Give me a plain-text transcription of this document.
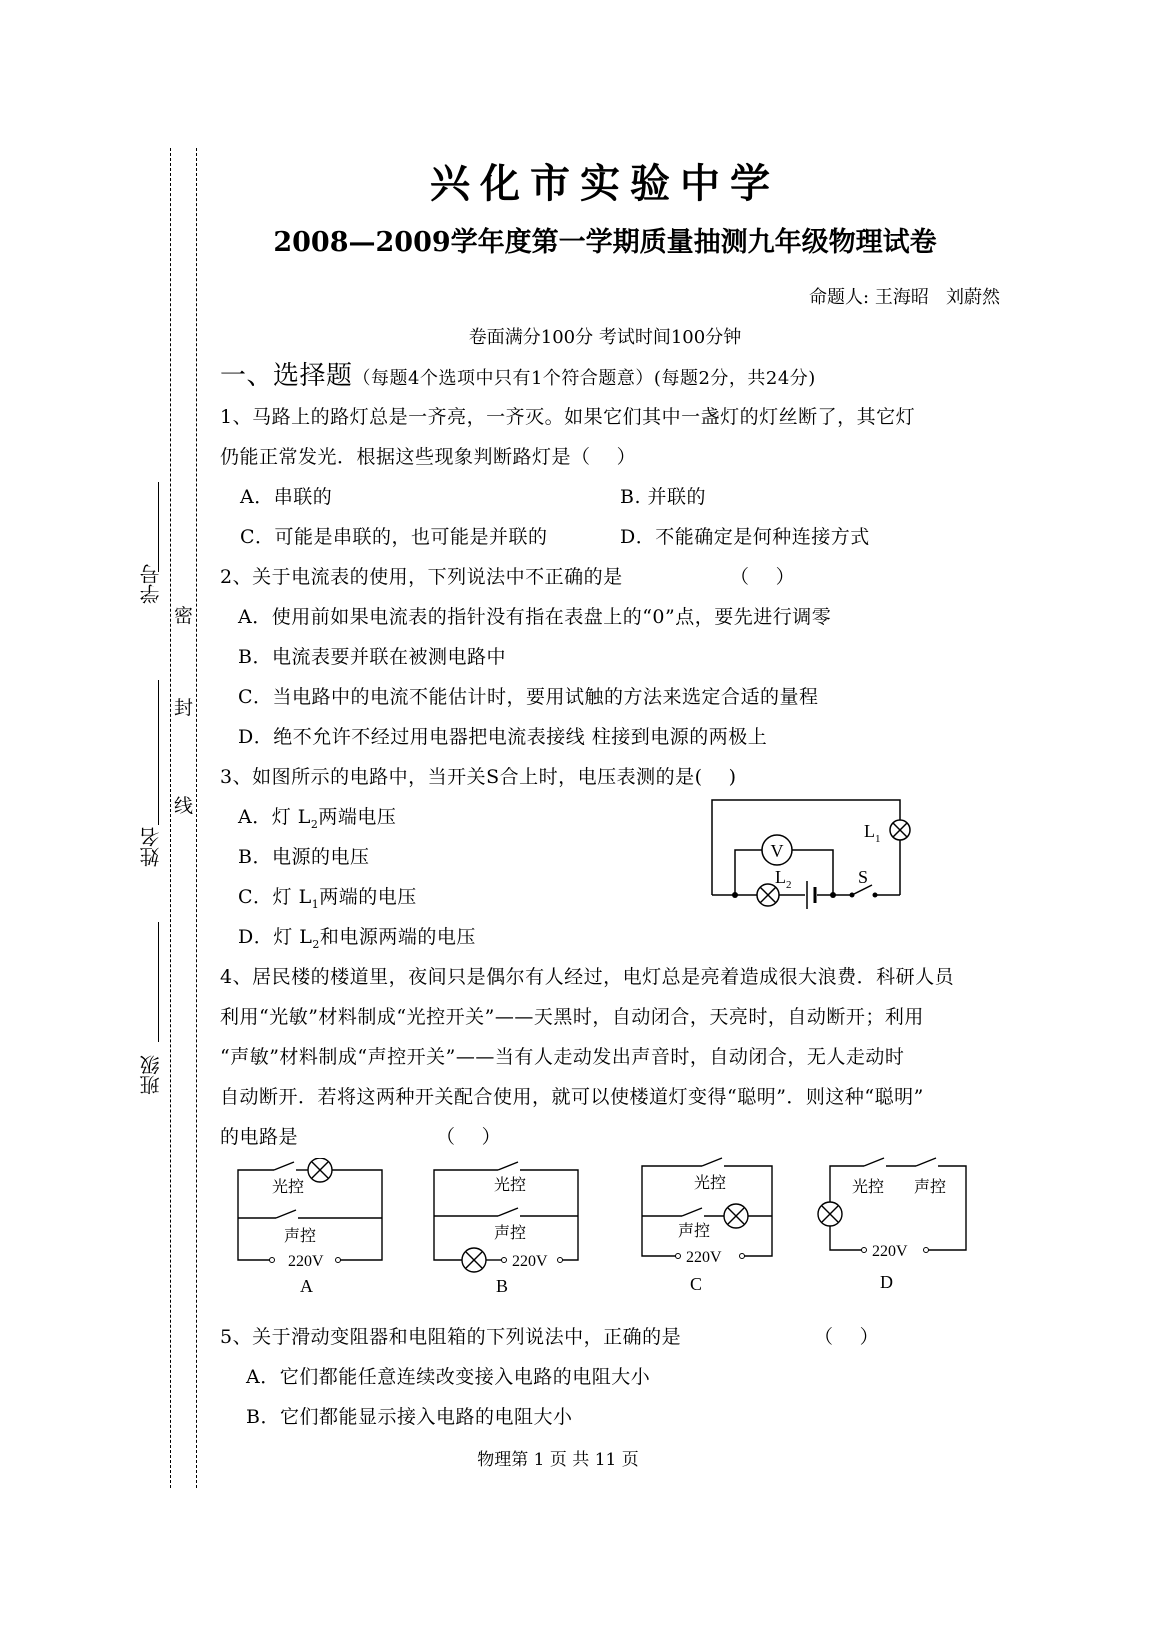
学号
姓名
班级
密
封
线
兴化市实验中学
2008—2009学年度第一学期质量抽测九年级物理试卷
命题人: 王海昭   刘蔚然
卷面满分100分 考试时间100分钟
一、选择题（每题4个选项中只有1个符合题意）(每题2分，共24分)
1、马路上的路灯总是一齐亮，一齐灭。如果它们其中一盏灯的灯丝断了，其它灯
仍能正常发光．根据这些现象判断路灯是（    ）
A．串联的	B. 并联的
C．可能是串联的，也可能是并联的	D．不能确定是何种连接方式
2、关于电流表的使用，下列说法中不正确的是	（    ）
A．使用前如果电流表的指针没有指在表盘上的“0”点，要先进行调零
B．电流表要并联在被测电路中
C．当电路中的电流不能估计时，要用试触的方法来选定合适的量程
D．绝不允许不经过用电器把电流表接线 柱接到电源的两极上
3、如图所示的电路中，当开关S合上时，电压表测的是(    )
A．灯 $L_2$两端电压
B．电源的电压
C．灯 $L_1$两端的电压
D．灯 $L_2$和电源两端的电压
V
$L_1$
$L_2$	S
4、居民楼的楼道里，夜间只是偶尔有人经过，电灯总是亮着造成很大浪费．科研人员
利用“光敏”材料制成“光控开关”——天黑时，自动闭合，天亮时，自动断开；利用
“声敏”材料制成“声控开关”——当有人走动发出声音时，自动闭合，无人走动时
自动断开．若将这两种开关配合使用，就可以使楼道灯变得“聪明”．则这种“聪明”
的电路是	（    ）
光控
声控
220V
A
光控
声控
220V
B
光控
声控
220V
C
光控 声控
220V
D
5、关于滑动变阻器和电阻箱的下列说法中，正确的是	（    ）
A．它们都能任意连续改变接入电路的电阻大小
B．它们都能显示接入电路的电阻大小
物理第 1 页 共 11 页
